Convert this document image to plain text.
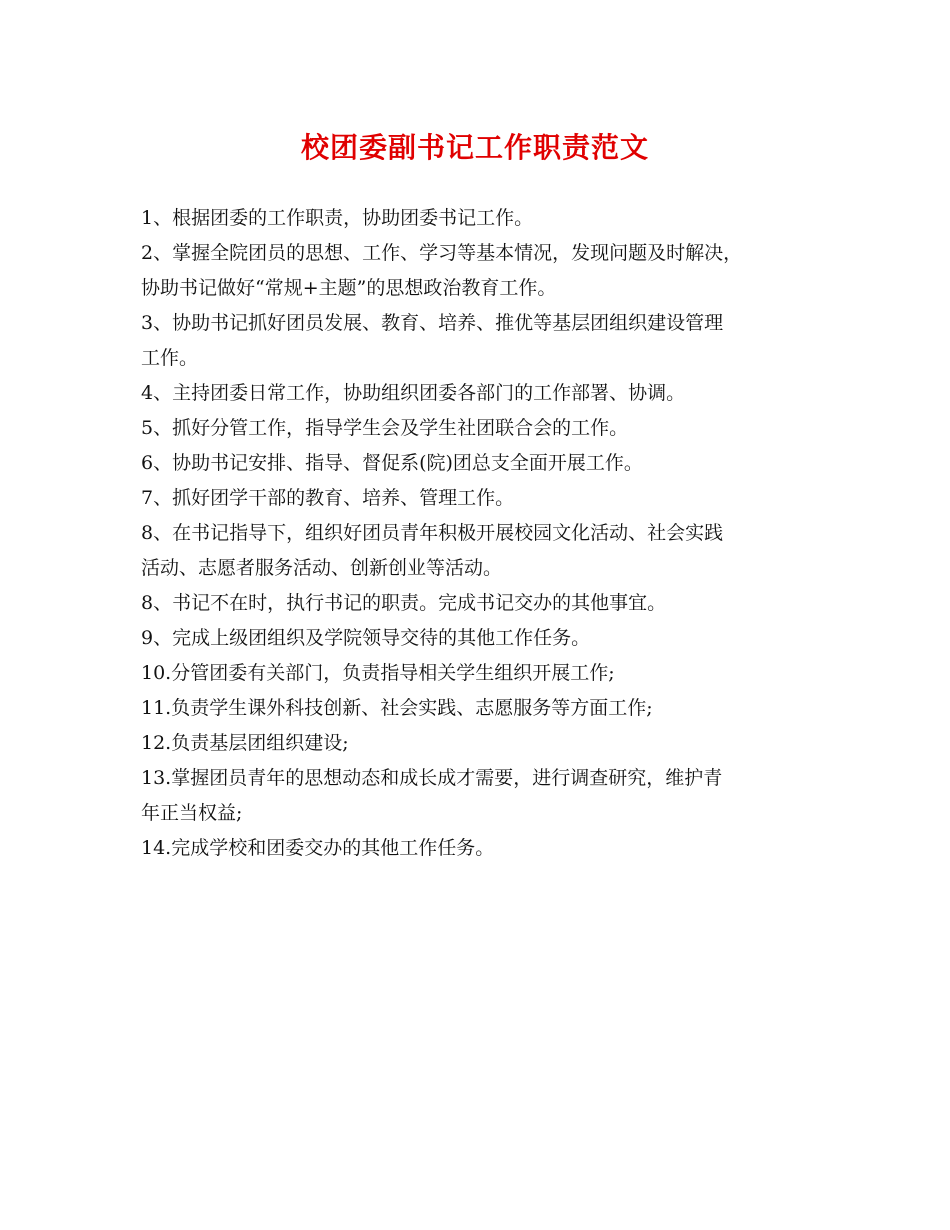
校团委副书记工作职责范文

1、根据团委的工作职责，协助团委书记工作。

2、掌握全院团员的思想、工作、学习等基本情况，发现问题及时解决，

协助书记做好“常规+主题”的思想政治教育工作。

3、协助书记抓好团员发展、教育、培养、推优等基层团组织建设管理

工作。

4、主持团委日常工作，协助组织团委各部门的工作部署、协调。

5、抓好分管工作，指导学生会及学生社团联合会的工作。

6、协助书记安排、指导、督促系(院)团总支全面开展工作。

7、抓好团学干部的教育、培养、管理工作。

8、在书记指导下，组织好团员青年积极开展校园文化活动、社会实践

活动、志愿者服务活动、创新创业等活动。

8、书记不在时，执行书记的职责。完成书记交办的其他事宜。

9、完成上级团组织及学院领导交待的其他工作任务。

10.分管团委有关部门，负责指导相关学生组织开展工作;

11.负责学生课外科技创新、社会实践、志愿服务等方面工作;

12.负责基层团组织建设;

13.掌握团员青年的思想动态和成长成才需要，进行调查研究，维护青

年正当权益;

14.完成学校和团委交办的其他工作任务。
